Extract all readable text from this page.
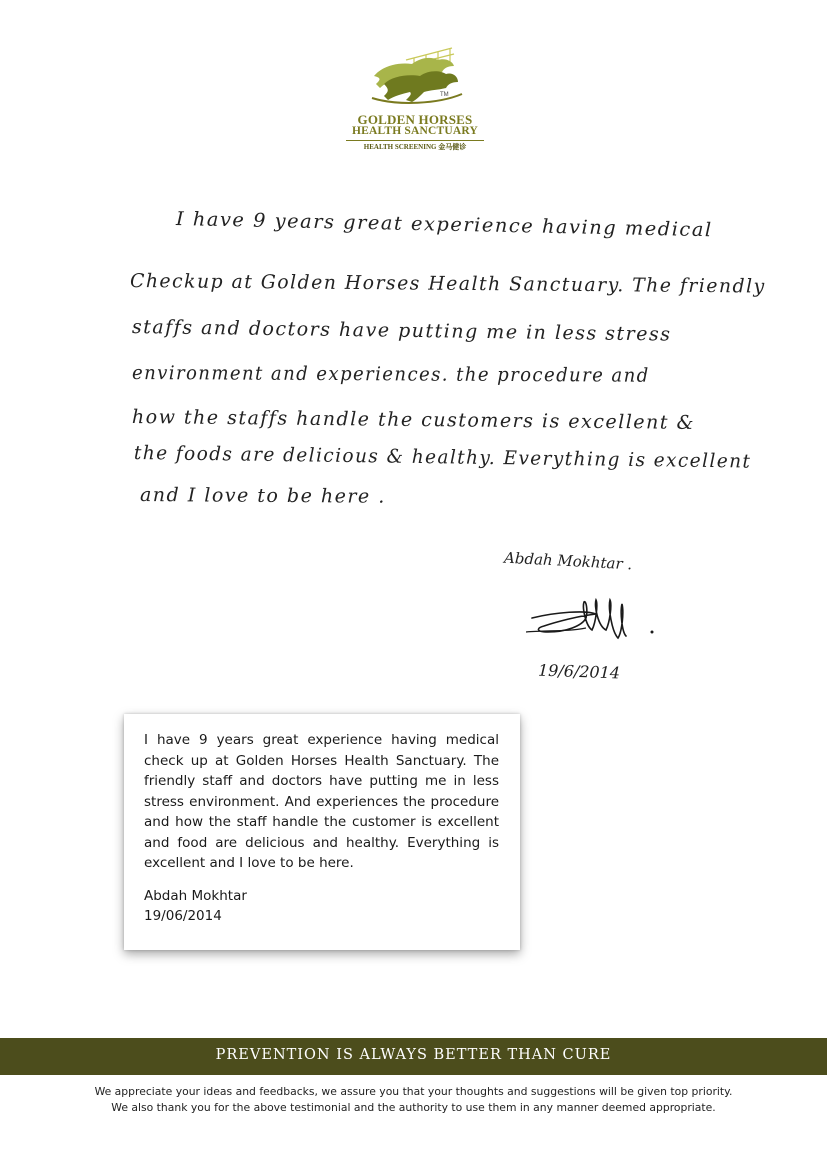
TM
GOLDEN HORSES
HEALTH SANCTUARY
HEALTH SCREENING 金马健诊
I have 9 years great experience having medical
Checkup at Golden Horses Health Sanctuary. The friendly
staffs and doctors have putting me in less stress
environment and experiences. the procedure and
how the staffs handle the customers is excellent &
the foods are delicious & healthy. Everything is excellent
and I love to be here .
Abdah Mokhtar .
19/6/2014

I have 9 years great experience having medical check up at Golden Horses Health Sanctuary. The friendly staff and doctors have putting me in less stress environment. And experiences the procedure and how the staff handle the customer is excellent and food are delicious and healthy. Everything is excellent and I love to be here.

Abdah Mokhtar
19/06/2014
PREVENTION IS ALWAYS BETTER THAN CURE
We appreciate your ideas and feedbacks, we assure you that your thoughts and suggestions will be given top priority.
We also thank you for the above testimonial and the authority to use them in any manner deemed appropriate.
